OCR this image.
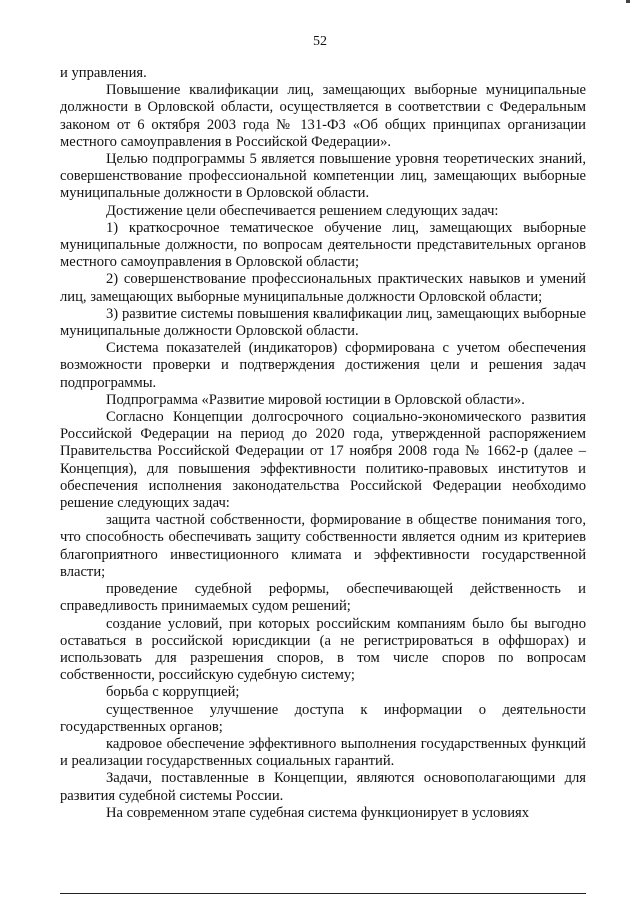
52

и управления.

Повышение квалификации лиц, замещающих выборные муниципальные должности в Орловской области, осуществляется в соответствии с Федеральным законом от 6 октября 2003 года № 131-ФЗ «Об общих принципах организации местного самоуправления в Российской Федерации».

Целью подпрограммы 5 является повышение уровня теоретических знаний, совершенствование профессиональной компетенции лиц, замещающих выборные муниципальные должности в Орловской области.

Достижение цели обеспечивается решением следующих задач:

1) краткосрочное тематическое обучение лиц, замещающих выборные муниципальные должности, по вопросам деятельности представительных органов местного самоуправления в Орловской области;

2) совершенствование профессиональных практических навыков и умений лиц, замещающих выборные муниципальные должности Орловской области;

3) развитие системы повышения квалификации лиц, замещающих выборные муниципальные должности Орловской области.

Система показателей (индикаторов) сформирована с учетом обеспечения возможности проверки и подтверждения достижения цели и решения задач подпрограммы.

Подпрограмма «Развитие мировой юстиции в Орловской области».

Согласно Концепции долгосрочного социально-экономического развития Российской Федерации на период до 2020 года, утвержденной распоряжением Правительства Российской Федерации от 17 ноября 2008 года № 1662-р (далее – Концепция), для повышения эффективности политико-правовых институтов и обеспечения исполнения законодательства Российской Федерации необходимо решение следующих задач:

защита частной собственности, формирование в обществе понимания того, что способность обеспечивать защиту собственности является одним из критериев благоприятного инвестиционного климата и эффективности государственной власти;

проведение судебной реформы, обеспечивающей действенность и справедливость принимаемых судом решений;

создание условий, при которых российским компаниям было бы выгодно оставаться в российской юрисдикции (а не регистрироваться в оффшорах) и использовать для разрешения споров, в том числе споров по вопросам собственности, российскую судебную систему;

борьба с коррупцией;

существенное улучшение доступа к информации о деятельности государственных органов;

кадровое обеспечение эффективного выполнения государственных функций и реализации государственных социальных гарантий.

Задачи, поставленные в Концепции, являются основополагающими для развития судебной системы России.

На современном этапе судебная система функционирует в условиях
